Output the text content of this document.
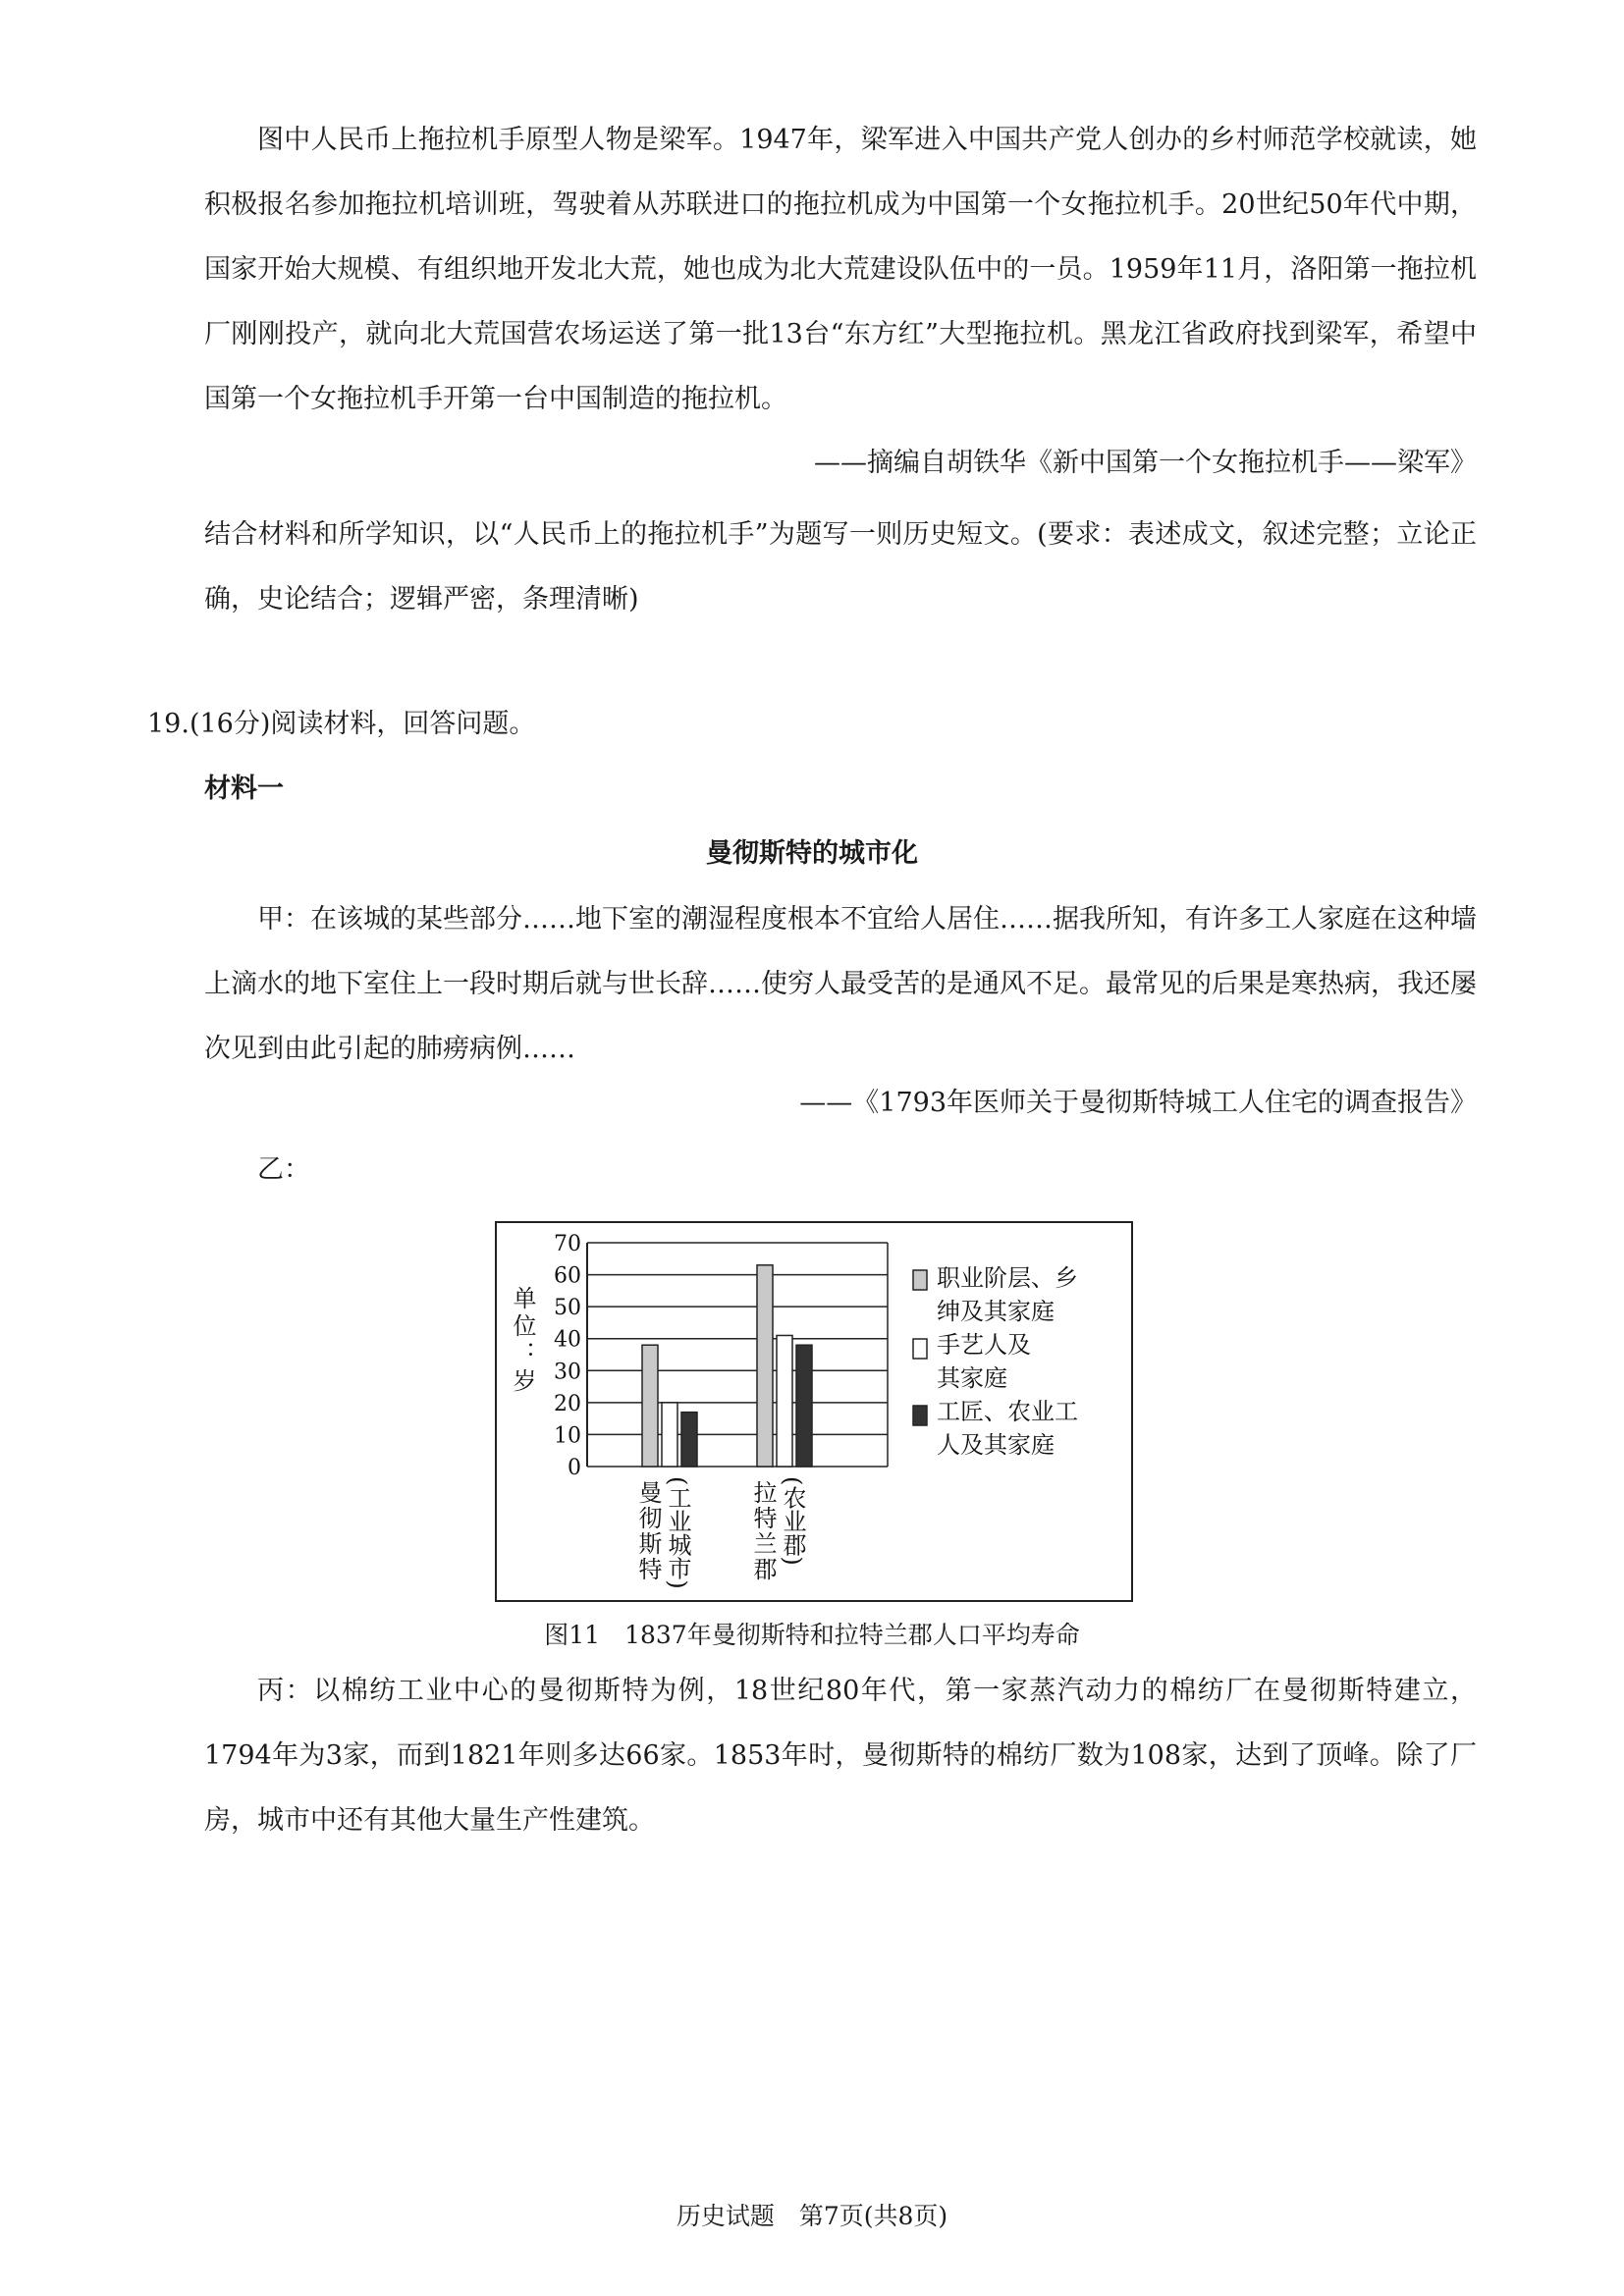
图中人民币上拖拉机手原型人物是梁军。1947年，梁军进入中国共产党人创办的乡村师范学校就读，她积极报名参加拖拉机培训班，驾驶着从苏联进口的拖拉机成为中国第一个女拖拉机手。20世纪50年代中期，国家开始大规模、有组织地开发北大荒，她也成为北大荒建设队伍中的一员。1959年11月，洛阳第一拖拉机厂刚刚投产，就向北大荒国营农场运送了第一批13台“东方红”大型拖拉机。黑龙江省政府找到梁军，希望中国第一个女拖拉机手开第一台中国制造的拖拉机。

——摘编自胡铁华《新中国第一个女拖拉机手——梁军》

结合材料和所学知识，以“人民币上的拖拉机手”为题写一则历史短文。(要求：表述成文，叙述完整；立论正确，史论结合；逻辑严密，条理清晰)

19.(16分)阅读材料，回答问题。

材料一

曼彻斯特的城市化

甲：在该城的某些部分……地下室的潮湿程度根本不宜给人居住……据我所知，有许多工人家庭在这种墙上滴水的地下室住上一段时期后就与世长辞……使穷人最受苦的是通风不足。最常见的后果是寒热病，我还屡次见到由此引起的肺痨病例……

——《1793年医师关于曼彻斯特城工人住宅的调查报告》

乙：

0
10
20
30
40
50
60
70
单位：岁
曼彻斯特 (工业城市) 拉特兰郡 (农业郡)
职业阶层、乡
绅及其家庭
手艺人及
其家庭
工匠、农业工
人及其家庭

图11　1837年曼彻斯特和拉特兰郡人口平均寿命

丙：以棉纺工业中心的曼彻斯特为例，18世纪80年代，第一家蒸汽动力的棉纺厂在曼彻斯特建立，1794年为3家，而到1821年则多达66家。1853年时，曼彻斯特的棉纺厂数为108家，达到了顶峰。除了厂房，城市中还有其他大量生产性建筑。

历史试题　第7页(共8页)
